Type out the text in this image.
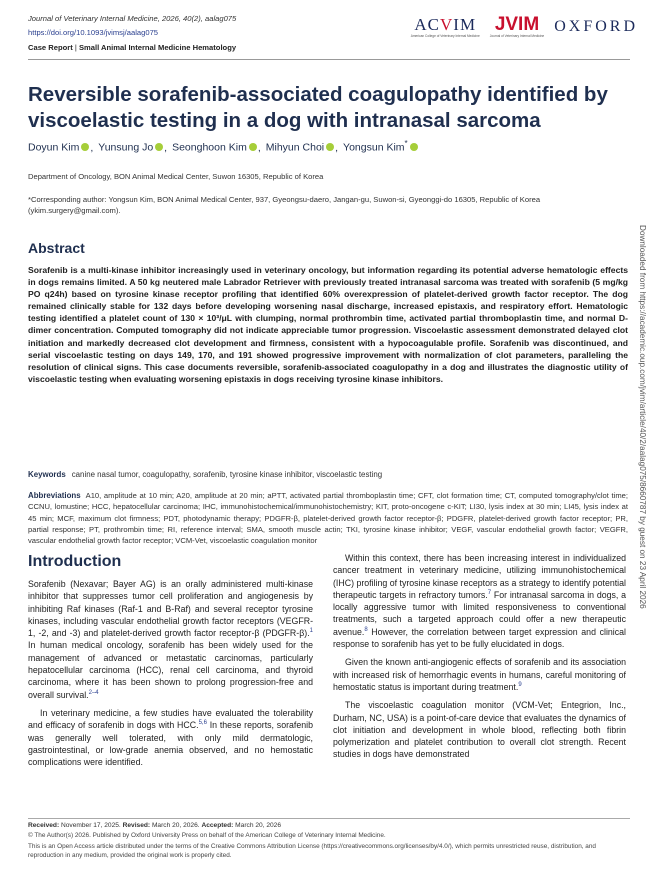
Journal of Veterinary Internal Medicine, 2026, 40(2), aalag075
https://doi.org/10.1093/jvimsj/aalag075
Case Report | Small Animal Internal Medicine Hematology
ACVIM
American College of Veterinary Internal Medicine
JVIM
Journal of Veterinary Internal Medicine
OXFORD
Reversible sorafenib-associated coagulopathy identified by viscoelastic testing in a dog with intranasal sarcoma
Doyun Kim , Yunsung Jo , Seonghoon Kim , Mihyun Choi , Yongsun Kim*
Department of Oncology, BON Animal Medical Center, Suwon 16305, Republic of Korea
*Corresponding author: Yongsun Kim, BON Animal Medical Center, 937, Gyeongsu-daero, Jangan-gu, Suwon-si, Gyeonggi-do 16305, Republic of Korea (ykim.surgery@gmail.com).
Abstract
Sorafenib is a multi-kinase inhibitor increasingly used in veterinary oncology, but information regarding its potential adverse hematologic effects in dogs remains limited. A 50 kg neutered male Labrador Retriever with previously treated intranasal sarcoma was treated with sorafenib (5 mg/kg PO q24h) based on tyrosine kinase receptor profiling that identified 60% overexpression of platelet-derived growth factor receptor. The dog remained clinically stable for 132 days before developing worsening nasal discharge, increased epistaxis, and respiratory effort. Hematologic testing identified a platelet count of 130 × 10³/μL with clumping, normal prothrombin time, activated partial thromboplastin time, and normal D-dimer concentration. Computed tomography did not indicate appreciable tumor progression. Viscoelastic assessment demonstrated delayed clot initiation and markedly decreased clot development and firmness, consistent with a hypocoagulable profile. Sorafenib was discontinued, and serial viscoelastic testing on days 149, 170, and 191 showed progressive improvement with normalization of clot parameters, paralleling the resolution of clinical signs. This case documents reversible, sorafenib-associated coagulopathy in a dog and illustrates the diagnostic utility of viscoelastic testing when evaluating worsening epistaxis in dogs receiving tyrosine kinase inhibitors.
Keywords canine nasal tumor, coagulopathy, sorafenib, tyrosine kinase inhibitor, viscoelastic testing
Abbreviations A10, amplitude at 10 min; A20, amplitude at 20 min; aPTT, activated partial thromboplastin time; CFT, clot formation time; CT, computed tomography/clot time; CCNU, lomustine; HCC, hepatocellular carcinoma; IHC, immunohistochemical/immunohistochemistry; KIT, proto-oncogene c-KIT; LI30, lysis index at 30 min; LI45, lysis index at 45 min; MCF, maximum clot firmness; PDT, photodynamic therapy; PDGFR-β, platelet-derived growth factor receptor-β; PDGFR, platelet-derived growth factor receptor; PR, partial response; PT, prothrombin time; RI, reference interval; SMA, smooth muscle actin; TKI, tyrosine kinase inhibitor; VEGF, vascular endothelial growth factor; VEGFR, vascular endothelial growth factor receptor; VCM-Vet, viscoelastic coagulation monitor
Introduction

Sorafenib (Nexavar; Bayer AG) is an orally administered multi-kinase inhibitor that suppresses tumor cell proliferation and angiogenesis by inhibiting Raf kinases (Raf-1 and B-Raf) and several receptor tyrosine kinases, including vascular endothelial growth factor receptors (VEGFR-1, -2, and -3) and platelet-derived growth factor receptor-β (PDGFR-β).$^1$ In human medical oncology, sorafenib has been widely used for the management of advanced or metastatic carcinomas, particularly hepatocellular carcinoma (HCC), renal cell carcinoma, and thyroid carcinoma, where it has been shown to prolong progression-free and overall survival.$^{2-4}$

In veterinary medicine, a few studies have evaluated the tolerability and efficacy of sorafenib in dogs with HCC.$^{5,6}$ In these reports, sorafenib was generally well tolerated, with only mild dermatologic, gastrointestinal, or low-grade anemia observed, and no hemostatic complications were identified.

Within this context, there has been increasing interest in individualized cancer treatment in veterinary medicine, utilizing immunohistochemical (IHC) profiling of tyrosine kinase receptors as a strategy to identify potential therapeutic targets in refractory tumors.$^7$ For intranasal sarcoma in dogs, a locally aggressive tumor with limited responsiveness to conventional treatments, such a targeted approach could offer a new therapeutic avenue.$^8$ However, the correlation between target expression and clinical response to sorafenib has yet to be fully elucidated in dogs.

Given the known anti-angiogenic effects of sorafenib and its association with increased risk of hemorrhagic events in humans, careful monitoring of hemostatic status is important during treatment.$^9$

The viscoelastic coagulation monitor (VCM-Vet; Entegrion, Inc., Durham, NC, USA) is a point-of-care device that evaluates the dynamics of clot initiation and development in whole blood, reflecting both fibrin polymerization and platelet contribution to overall clot strength. Recent studies in dogs have demonstrated

Downloaded from https://academic.oup.com/jvim/article/40/2/aalag075/8660787 by guest on 23 April 2026
Received: November 17, 2025. Revised: March 20, 2026. Accepted: March 20, 2026
© The Author(s) 2026. Published by Oxford University Press on behalf of the American College of Veterinary Internal Medicine.
This is an Open Access article distributed under the terms of the Creative Commons Attribution License (https://creativecommons.org/licenses/by/4.0/), which permits unrestricted reuse, distribution, and reproduction in any medium, provided the original work is properly cited.
